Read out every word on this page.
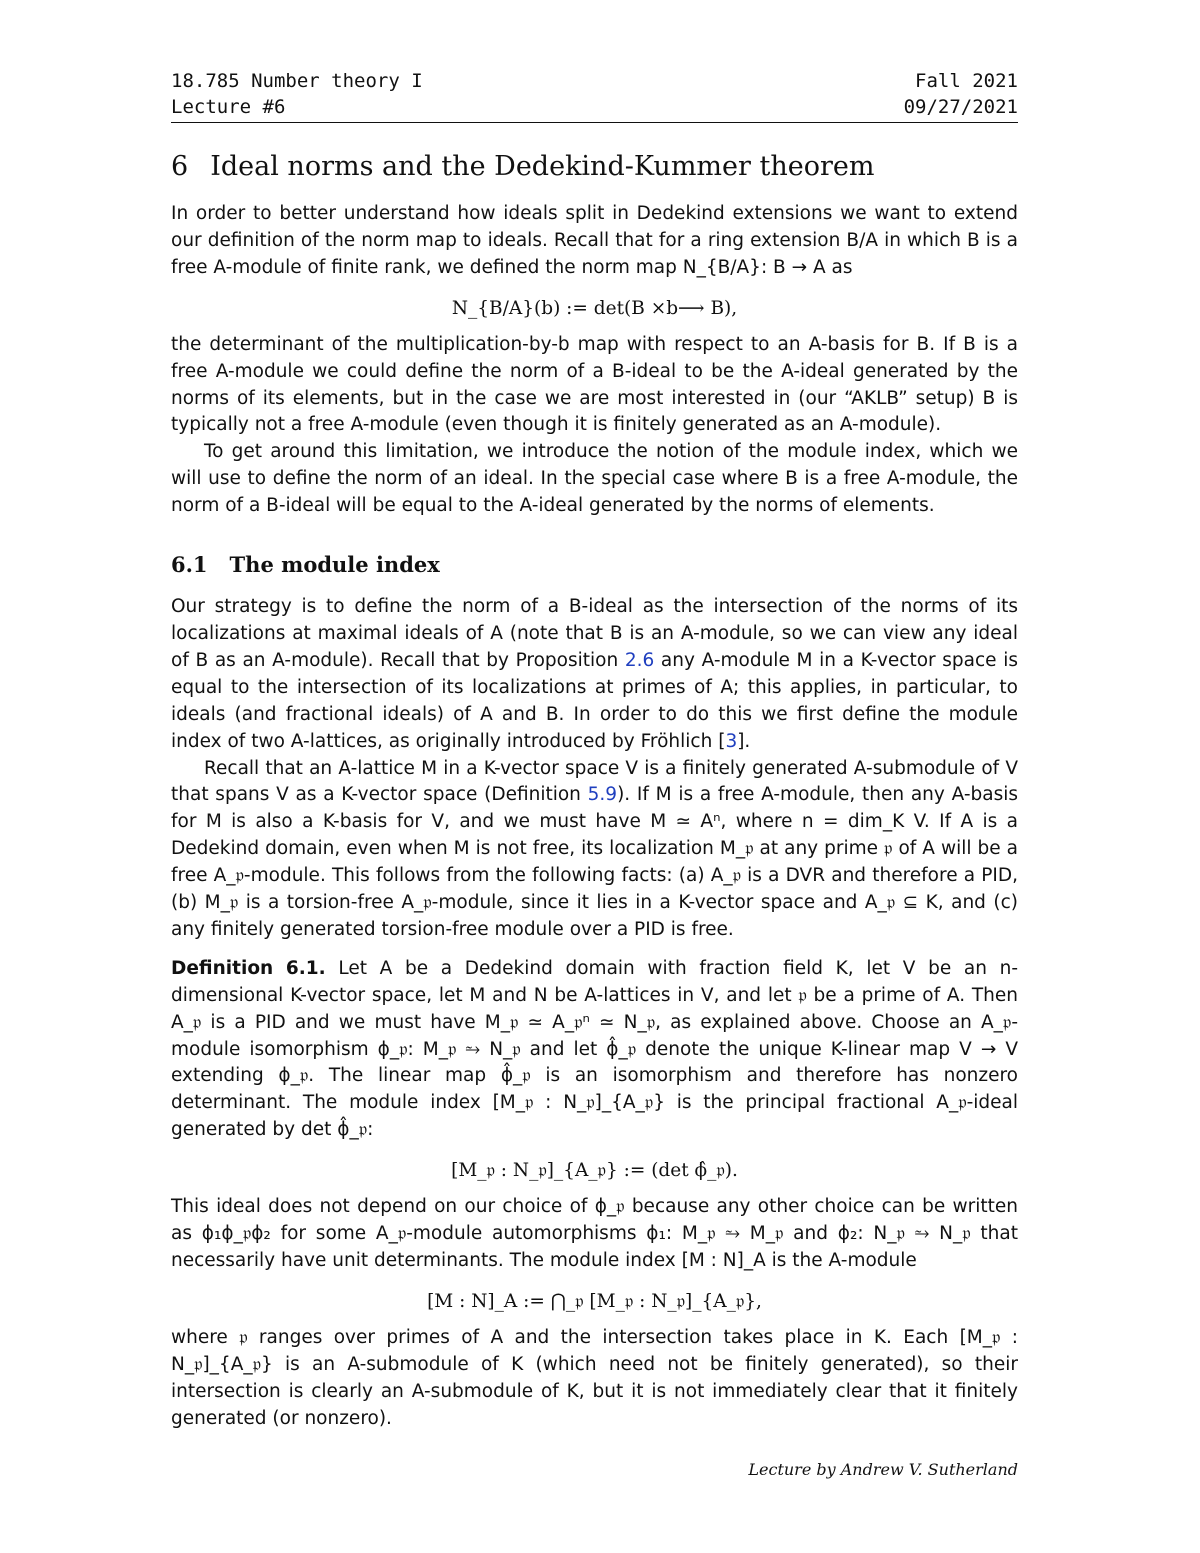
18.785 Number theory I	Fall 2021
Lecture #6	09/27/2021
6 Ideal norms and the Dedekind-Kummer theorem

In order to better understand how ideals split in Dedekind extensions we want to extend our definition of the norm map to ideals. Recall that for a ring extension B/A in which B is a free A-module of finite rank, we defined the norm map N_{B/A}: B → A as

N_{B/A}(b) := det(B ×b⟶ B),

the determinant of the multiplication-by-b map with respect to an A-basis for B. If B is a free A-module we could define the norm of a B-ideal to be the A-ideal generated by the norms of its elements, but in the case we are most interested in (our “AKLB” setup) B is typically not a free A-module (even though it is finitely generated as an A-module).

To get around this limitation, we introduce the notion of the module index, which we will use to define the norm of an ideal. In the special case where B is a free A-module, the norm of a B-ideal will be equal to the A-ideal generated by the norms of elements.

6.1 The module index

Our strategy is to define the norm of a B-ideal as the intersection of the norms of its localizations at maximal ideals of A (note that B is an A-module, so we can view any ideal of B as an A-module). Recall that by Proposition 2.6 any A-module M in a K-vector space is equal to the intersection of its localizations at primes of A; this applies, in particular, to ideals (and fractional ideals) of A and B. In order to do this we first define the module index of two A-lattices, as originally introduced by Fröhlich [3].

Recall that an A-lattice M in a K-vector space V is a finitely generated A-submodule of V that spans V as a K-vector space (Definition 5.9). If M is a free A-module, then any A-basis for M is also a K-basis for V, and we must have M ≃ Aⁿ, where n = dim_K V. If A is a Dedekind domain, even when M is not free, its localization M_𝔭 at any prime 𝔭 of A will be a free A_𝔭-module. This follows from the following facts: (a) A_𝔭 is a DVR and therefore a PID, (b) M_𝔭 is a torsion-free A_𝔭-module, since it lies in a K-vector space and A_𝔭 ⊆ K, and (c) any finitely generated torsion-free module over a PID is free.

Definition 6.1. Let A be a Dedekind domain with fraction field K, let V be an n-dimensional K-vector space, let M and N be A-lattices in V, and let 𝔭 be a prime of A. Then A_𝔭 is a PID and we must have M_𝔭 ≃ A_𝔭ⁿ ≃ N_𝔭, as explained above. Choose an A_𝔭-module isomorphism ϕ_𝔭: M_𝔭 ⥲ N_𝔭 and let ϕ̂_𝔭 denote the unique K-linear map V → V extending ϕ_𝔭. The linear map ϕ̂_𝔭 is an isomorphism and therefore has nonzero determinant. The module index [M_𝔭 : N_𝔭]_{A_𝔭} is the principal fractional A_𝔭-ideal generated by det ϕ̂_𝔭:

[M_𝔭 : N_𝔭]_{A_𝔭} := (det ϕ̂_𝔭).

This ideal does not depend on our choice of ϕ_𝔭 because any other choice can be written as ϕ₁ϕ_𝔭ϕ₂ for some A_𝔭-module automorphisms ϕ₁: M_𝔭 ⥲ M_𝔭 and ϕ₂: N_𝔭 ⥲ N_𝔭 that necessarily have unit determinants. The module index [M : N]_A is the A-module

[M : N]_A := ⋂_𝔭 [M_𝔭 : N_𝔭]_{A_𝔭},

where 𝔭 ranges over primes of A and the intersection takes place in K. Each [M_𝔭 : N_𝔭]_{A_𝔭} is an A-submodule of K (which need not be finitely generated), so their intersection is clearly an A-submodule of K, but it is not immediately clear that it finitely generated (or nonzero).

Lecture by Andrew V. Sutherland
